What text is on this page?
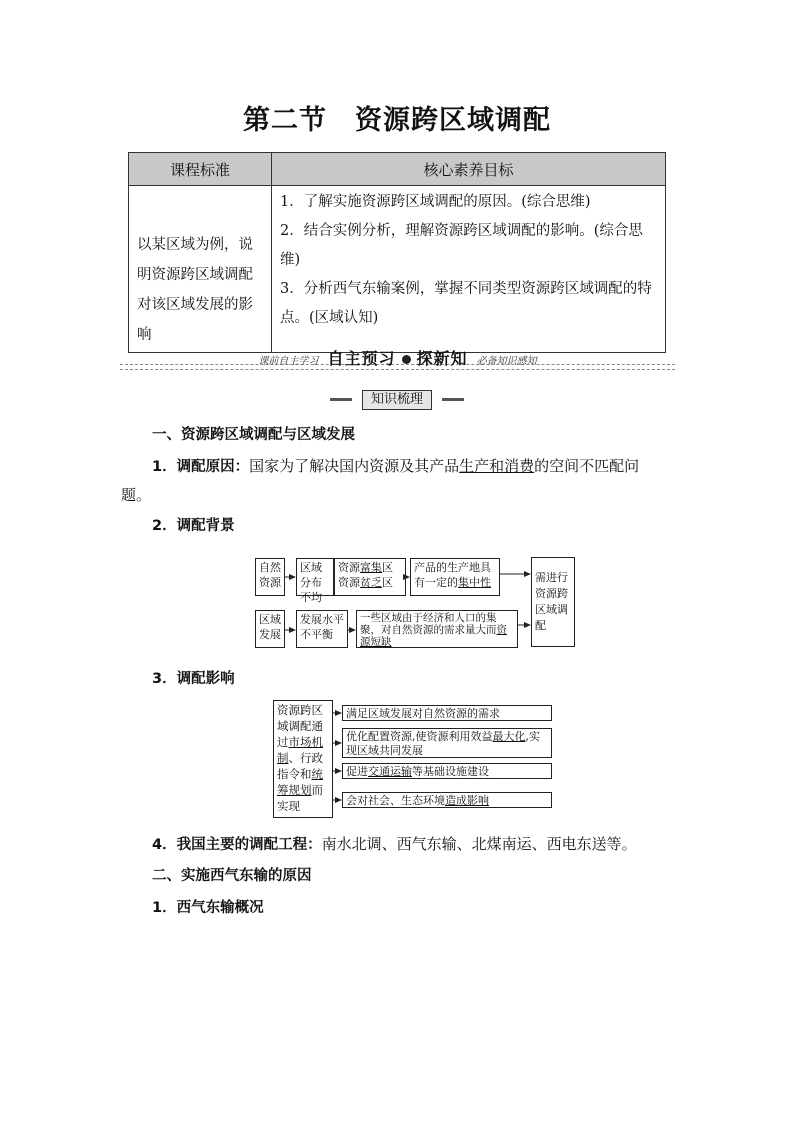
第二节　资源跨区域调配
课程标准	核心素养目标
以某区域为例，说明资源跨区域调配对该区域发展的影响	1．了解实施资源跨区域调配的原因。(综合思维)
2．结合实例分析，理解资源跨区域调配的影响。(综合思维)
3．分析西气东输案例，掌握不同类型资源跨区域调配的特点。(区域认知)
课前自主学习 自主预习 探新知 必备知识感知
知识梳理
一、资源跨区域调配与区域发展
1．调配原因：国家为了解决国内资源及其产品生产和消费的空间不匹配问
题。
2．调配背景
自然资源
区域分布不均
资源富集区
资源贫乏区
产品的生产地具有一定的集中性	需进行资源跨区域调配
区域发展
发展水平不平衡
一些区域由于经济和人口的集聚，对自然资源的需求量大而资源短缺
3．调配影响
资源跨区域调配通过市场机制、行政指令和统筹规划而实现
满足区域发展对自然资源的需求
优化配置资源,使资源利用效益最大化,实现区域共同发展
促进交通运输等基础设施建设
会对社会、生态环境造成影响
4．我国主要的调配工程：南水北调、西气东输、北煤南运、西电东送等。
二、实施西气东输的原因
1．西气东输概况
